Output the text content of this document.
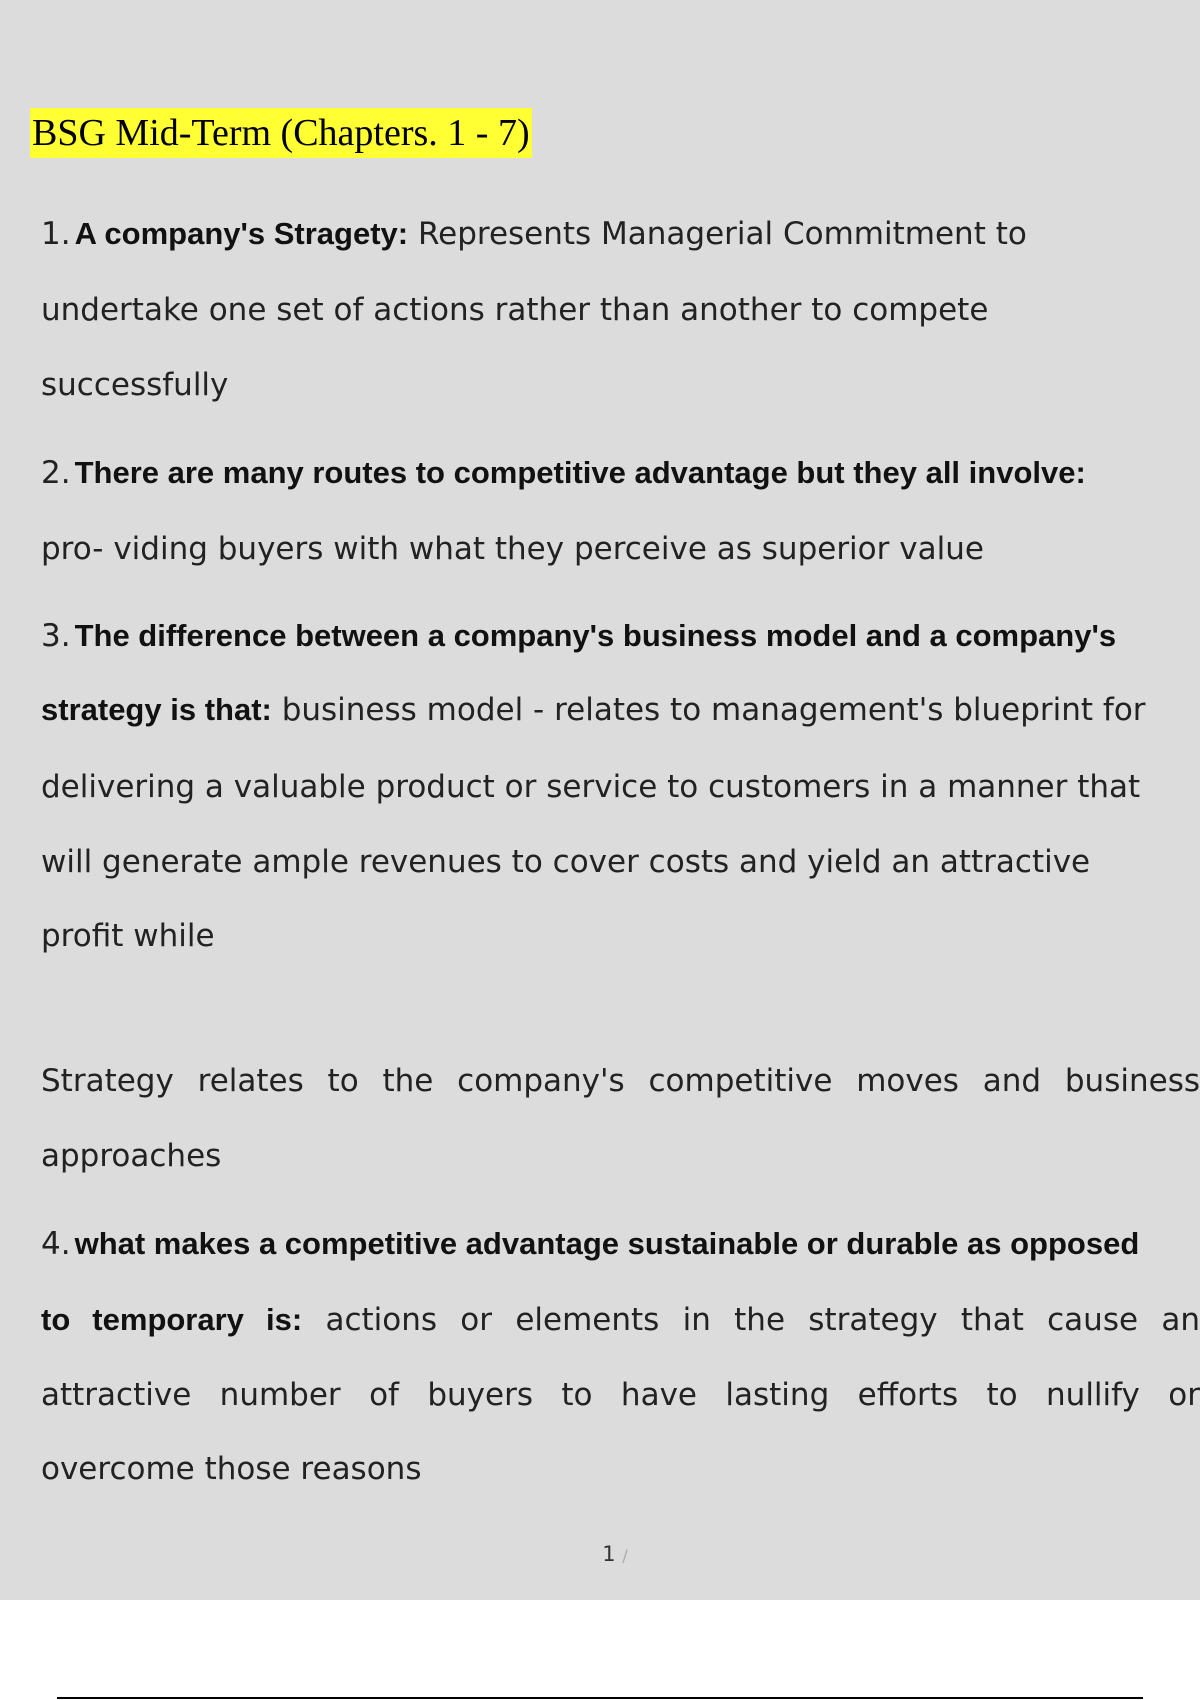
BSG Mid-Term (Chapters. 1 - 7)
1. A company's Stragety: Represents Managerial Commitment to
undertake one set of actions rather than another to compete
successfully
2. There are many routes to competitive advantage but they all involve:
pro- viding buyers with what they perceive as superior value
3. The difference between a company's business model and a company's
strategy is that: business model - relates to management's blueprint for
delivering a valuable product or service to customers in a manner that
will generate ample revenues to cover costs and yield an attractive
profit while
Strategy relates to the company's competitive moves and business
approaches
4. what makes a competitive advantage sustainable or durable as opposed
to temporary is: actions or elements in the strategy that cause an
attractive number of buyers to have lasting efforts to nullify or
overcome those reasons
1 /
